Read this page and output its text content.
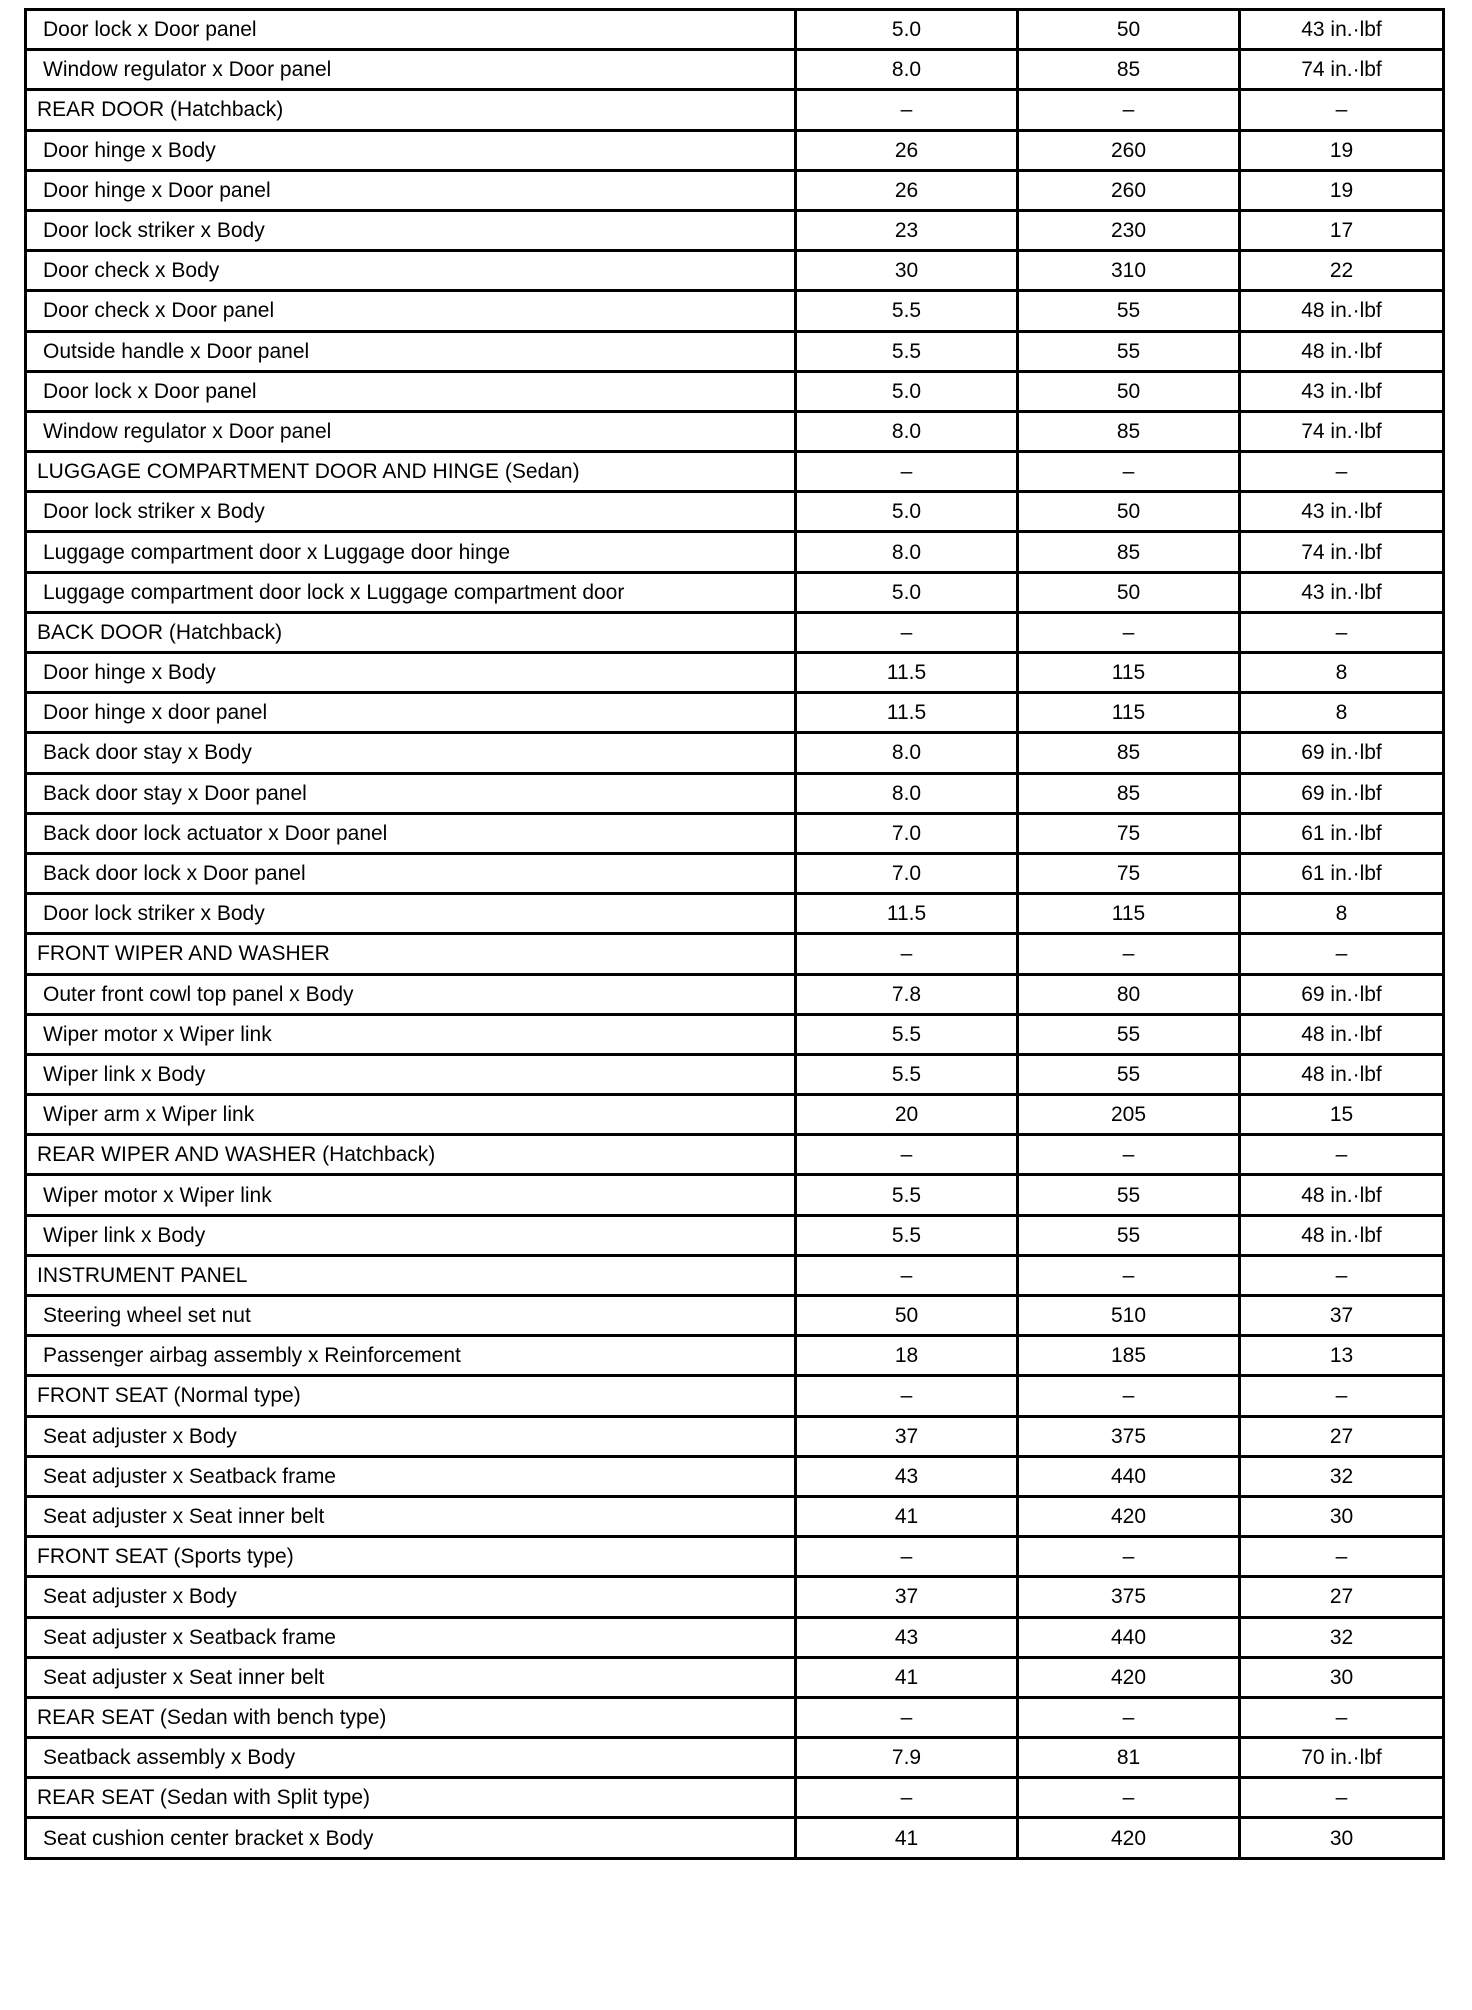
Door lock x Door panel	5.0	50	43 in.·lbf
Window regulator x Door panel	8.0	85	74 in.·lbf
REAR DOOR (Hatchback)	–	–	–
Door hinge x Body	26	260	19
Door hinge x Door panel	26	260	19
Door lock striker x Body	23	230	17
Door check x Body	30	310	22
Door check x Door panel	5.5	55	48 in.·lbf
Outside handle x Door panel	5.5	55	48 in.·lbf
Door lock x Door panel	5.0	50	43 in.·lbf
Window regulator x Door panel	8.0	85	74 in.·lbf
LUGGAGE COMPARTMENT DOOR AND HINGE (Sedan)	–	–	–
Door lock striker x Body	5.0	50	43 in.·lbf
Luggage compartment door x Luggage door hinge	8.0	85	74 in.·lbf
Luggage compartment door lock x Luggage compartment door	5.0	50	43 in.·lbf
BACK DOOR (Hatchback)	–	–	–
Door hinge x Body	11.5	115	8
Door hinge x door panel	11.5	115	8
Back door stay x Body	8.0	85	69 in.·lbf
Back door stay x Door panel	8.0	85	69 in.·lbf
Back door lock actuator x Door panel	7.0	75	61 in.·lbf
Back door lock x Door panel	7.0	75	61 in.·lbf
Door lock striker x Body	11.5	115	8
FRONT WIPER AND WASHER	–	–	–
Outer front cowl top panel x Body	7.8	80	69 in.·lbf
Wiper motor x Wiper link	5.5	55	48 in.·lbf
Wiper link x Body	5.5	55	48 in.·lbf
Wiper arm x Wiper link	20	205	15
REAR WIPER AND WASHER (Hatchback)	–	–	–
Wiper motor x Wiper link	5.5	55	48 in.·lbf
Wiper link x Body	5.5	55	48 in.·lbf
INSTRUMENT PANEL	–	–	–
Steering wheel set nut	50	510	37
Passenger airbag assembly x Reinforcement	18	185	13
FRONT SEAT (Normal type)	–	–	–
Seat adjuster x Body	37	375	27
Seat adjuster x Seatback frame	43	440	32
Seat adjuster x Seat inner belt	41	420	30
FRONT SEAT (Sports type)	–	–	–
Seat adjuster x Body	37	375	27
Seat adjuster x Seatback frame	43	440	32
Seat adjuster x Seat inner belt	41	420	30
REAR SEAT (Sedan with bench type)	–	–	–
Seatback assembly x Body	7.9	81	70 in.·lbf
REAR SEAT (Sedan with Split type)	–	–	–
Seat cushion center bracket x Body	41	420	30
